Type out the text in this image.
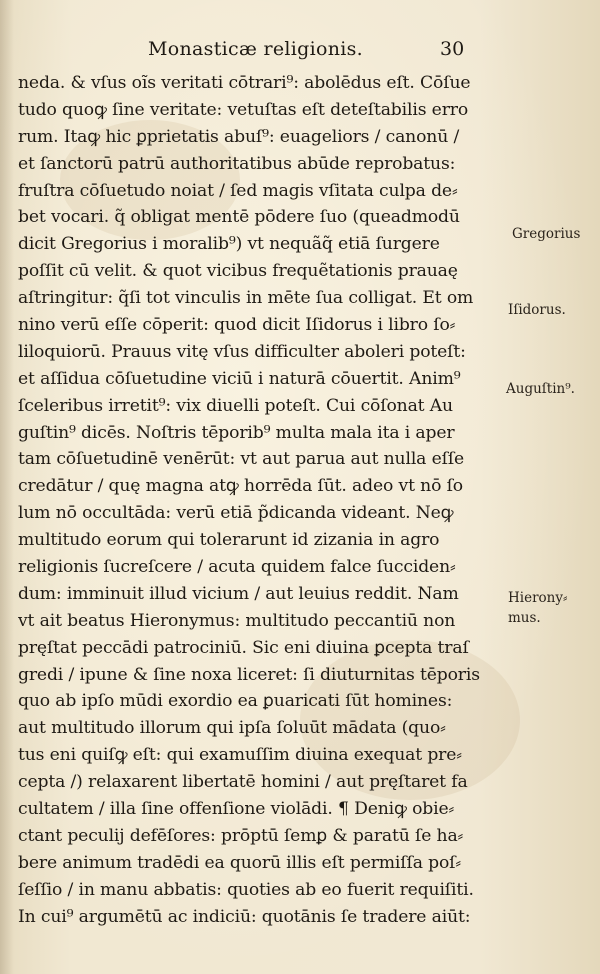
Monasticæ religionis.	30
neda. & vſus oĩs veritati cōtrari⁹: abolēdus eſt. Cōſue
tudo quoꝙ ſine veritate: vetuſtas eſt deteſtabilis erro
rum. Itaꝙ hic ꝑprietatis abuſ⁹: euageliors / canonū /
et ſanctorū patrū authoritatibus abūde reprobatus:
fruſtra cōſuetudo noiat / ſed magis vſitata culpa de⸗
bet vocari. q̃ obligat mentē pōdere ſuo (queadmodū
dicit Gregorius i moralib⁹) vt nequãq̃ etiā ſurgere
poſſit cū velit. & quot vicibus frequẽtationis prauaę
aſtringitur: q̃ſi tot vinculis in mēte ſua colligat. Et om
nino verū eſſe cōperit: quod dicit Iſidorus i libro ſo⸗
liloquiorū. Prauus vitę vſus difficulter aboleri poteſt:
et aſſidua cōſuetudine viciū i naturā cōuertit. Anim⁹
ſceleribus irretit⁹: vix diuelli poteſt. Cui cōſonat Au
guſtin⁹ dicēs. Noſtris tēporib⁹ multa mala ita i aper
tam cōſuetudinē venērūt: vt aut parua aut nulla eſſe
credātur / quę magna atꝙ horrēda ſūt. adeo vt nō ſo
lum nō occultāda: verū etiā p̃dicanda videant. Neꝙ
multitudo eorum qui tolerarunt id zizania in agro
religionis ſucreſcere / acuta quidem falce ſucciden⸗
dum: imminuit illud vicium / aut leuius reddit. Nam
vt ait beatus Hieronymus: multitudo peccantiū non
pręſtat peccādi patrociniū. Sic eni diuina ꝑcepta traſ
gredi / ipune & ſine noxa liceret: ſi diuturnitas tēporis
quo ab ipſo mūdi exordio ea ꝑuaricati ſūt homines:
aut multitudo illorum qui ipſa ſoluūt mādata (quo⸗
tus eni quiſꝙ eſt: qui examuſſim diuina exequat pre⸗
cepta /) relaxarent libertatē homini / aut pręſtaret fa
cultatem / illa ſine offenſione violādi. ¶ Deniꝙ obie⸗
ctant peculij defēſores: prōptū ſemꝑ & paratū ſe ha⸗
bere animum tradēdi ea quorū illis eſt permiſſa poſ⸗
ſeſſio / in manu abbatis: quoties ab eo fuerit requiſiti.
In cui⁹ argumētū ac indiciū: quotānis ſe tradere aiūt:
Gregorius
Iſidorus.
Auguſtin⁹.
Hierony⸗
mus.
